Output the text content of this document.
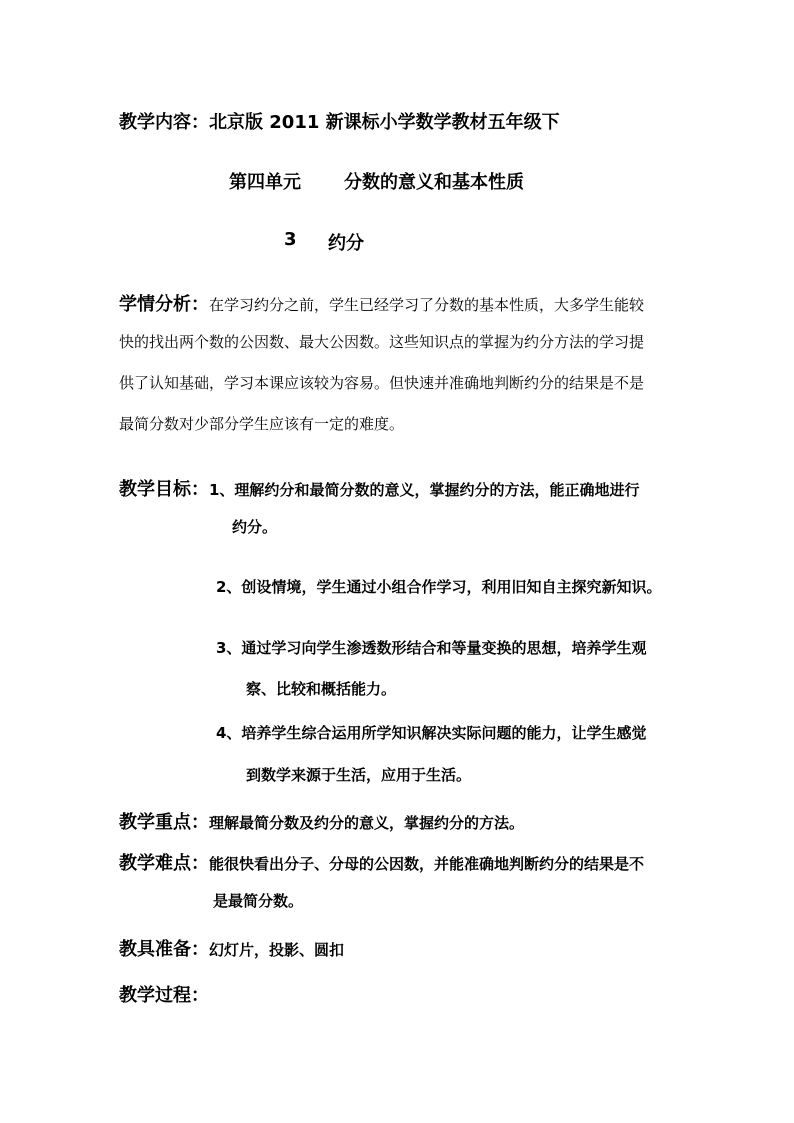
教学内容：北京版 2011 新课标小学数学教材五年级下
第四单元 分数的意义和基本性质
3 约分
学情分析：在学习约分之前，学生已经学习了分数的基本性质，大多学生能较
快的找出两个数的公因数、最大公因数。这些知识点的掌握为约分方法的学习提
供了认知基础，学习本课应该较为容易。但快速并准确地判断约分的结果是不是
最简分数对少部分学生应该有一定的难度。
教学目标：1、理解约分和最简分数的意义，掌握约分的方法，能正确地进行
约分。
2、创设情境，学生通过小组合作学习，利用旧知自主探究新知识。
3、通过学习向学生渗透数形结合和等量变换的思想，培养学生观
察、比较和概括能力。
4、培养学生综合运用所学知识解决实际问题的能力，让学生感觉
到数学来源于生活，应用于生活。
教学重点：理解最简分数及约分的意义，掌握约分的方法。
教学难点：能很快看出分子、分母的公因数，并能准确地判断约分的结果是不
是最简分数。
教具准备：幻灯片，投影、圆扣
教学过程：
